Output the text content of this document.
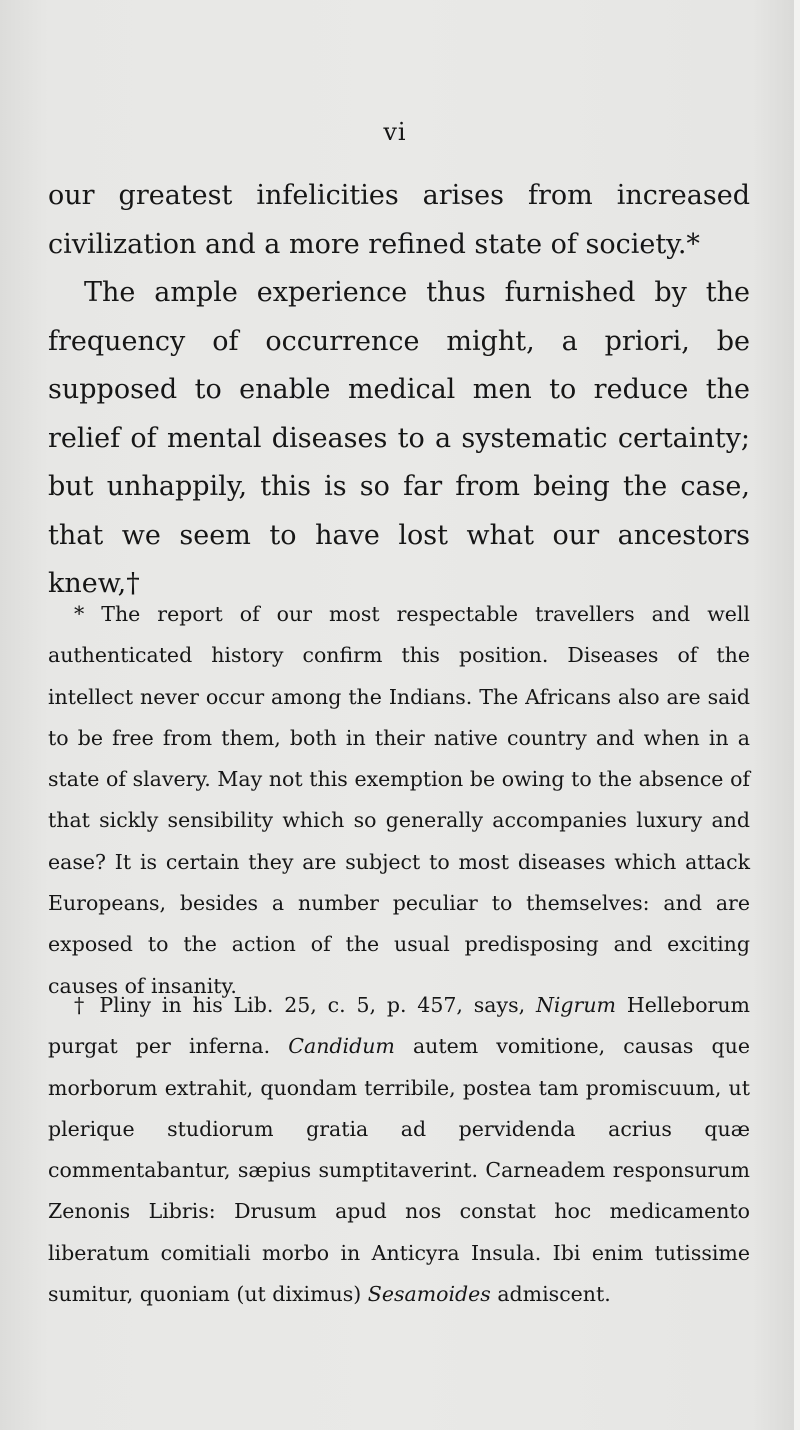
vi

our greatest infelicities arises from increased civilization and a more refined state of society.*

The ample experience thus furnished by the frequency of occurrence might, a priori, be supposed to enable medical men to reduce the relief of mental diseases to a systematic certainty; but unhappily, this is so far from being the case, that we seem to have lost what our ancestors knew,†

* The report of our most respectable travellers and well authenticated history confirm this position. Diseases of the intellect never occur among the Indians. The Africans also are said to be free from them, both in their native country and when in a state of slavery. May not this exemption be owing to the absence of that sickly sensibility which so generally accompanies luxury and ease? It is certain they are subject to most diseases which attack Europeans, besides a number peculiar to themselves: and are exposed to the action of the usual predisposing and exciting causes of insanity.

† Pliny in his Lib. 25, c. 5, p. 457, says, Nigrum Helleborum purgat per inferna. Candidum autem vomitione, causas que morborum extrahit, quondam terribile, postea tam promiscuum, ut plerique studiorum gratia ad pervidenda acrius quæ commentabantur, sæpius sumptitaverint. Carneadem responsurum Zenonis Libris: Drusum apud nos constat hoc medicamento liberatum comitiali morbo in Anticyra Insula. Ibi enim tutissime sumitur, quoniam (ut diximus) Sesamoides admiscent.
